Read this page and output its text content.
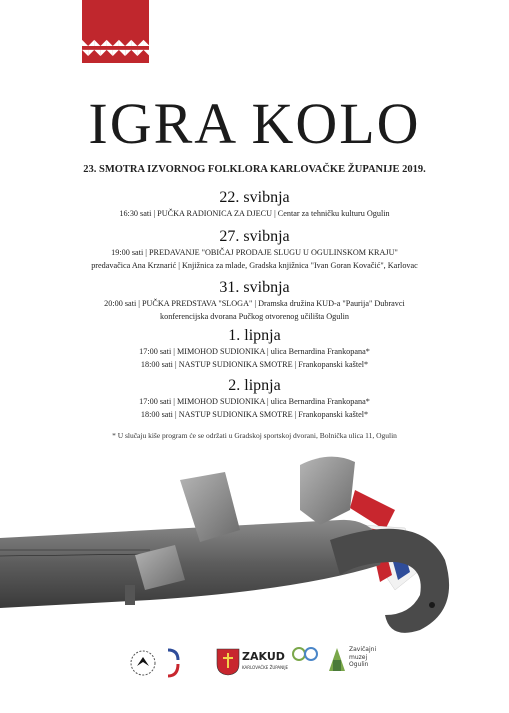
◣◢◣◢◣◢◣◢◣◢◣◢
◥◤◥◤◥◤◥◤◥◤◥◤
IGRA KOLO
23. SMOTRA IZVORNOG FOLKLORA KARLOVAČKE ŽUPANIJE 2019.
22. svibnja
16:30 sati | PUČKA RADIONICA ZA DJECU | Centar za tehničku kulturu Ogulin
27. svibnja
19:00 sati | PREDAVANJE "OBIČAJ PRODAJE SLUGU U OGULINSKOM KRAJU"
predavačica Ana Krznarić | Knjižnica za mlade, Gradska knjižnica "Ivan Goran Kovačić", Karlovac
31. svibnja
20:00 sati | PUČKA PREDSTAVA "SLOGA" | Dramska družina KUD-a "Paurija" Dubravci
konferencijska dvorana Pučkog otvorenog učilišta Ogulin
1. lipnja
17:00 sati | MIMOHOD SUDIONIKA | ulica Bernardina Frankopana*
18:00 sati | NASTUP SUDIONIKA SMOTRE | Frankopanski kaštel*
2. lipnja
17:00 sati | MIMOHOD SUDIONIKA | ulica Bernardina Frankopana*
18:00 sati | NASTUP SUDIONIKA SMOTRE | Frankopanski kaštel*
* U slučaju kiše program će se održati u Gradskoj sportskoj dvorani, Bolnička ulica 11, Ogulin
ZAKUD
KARLOVAČKE ŽUPANIJE
Zavičajni
muzej
Ogulin
